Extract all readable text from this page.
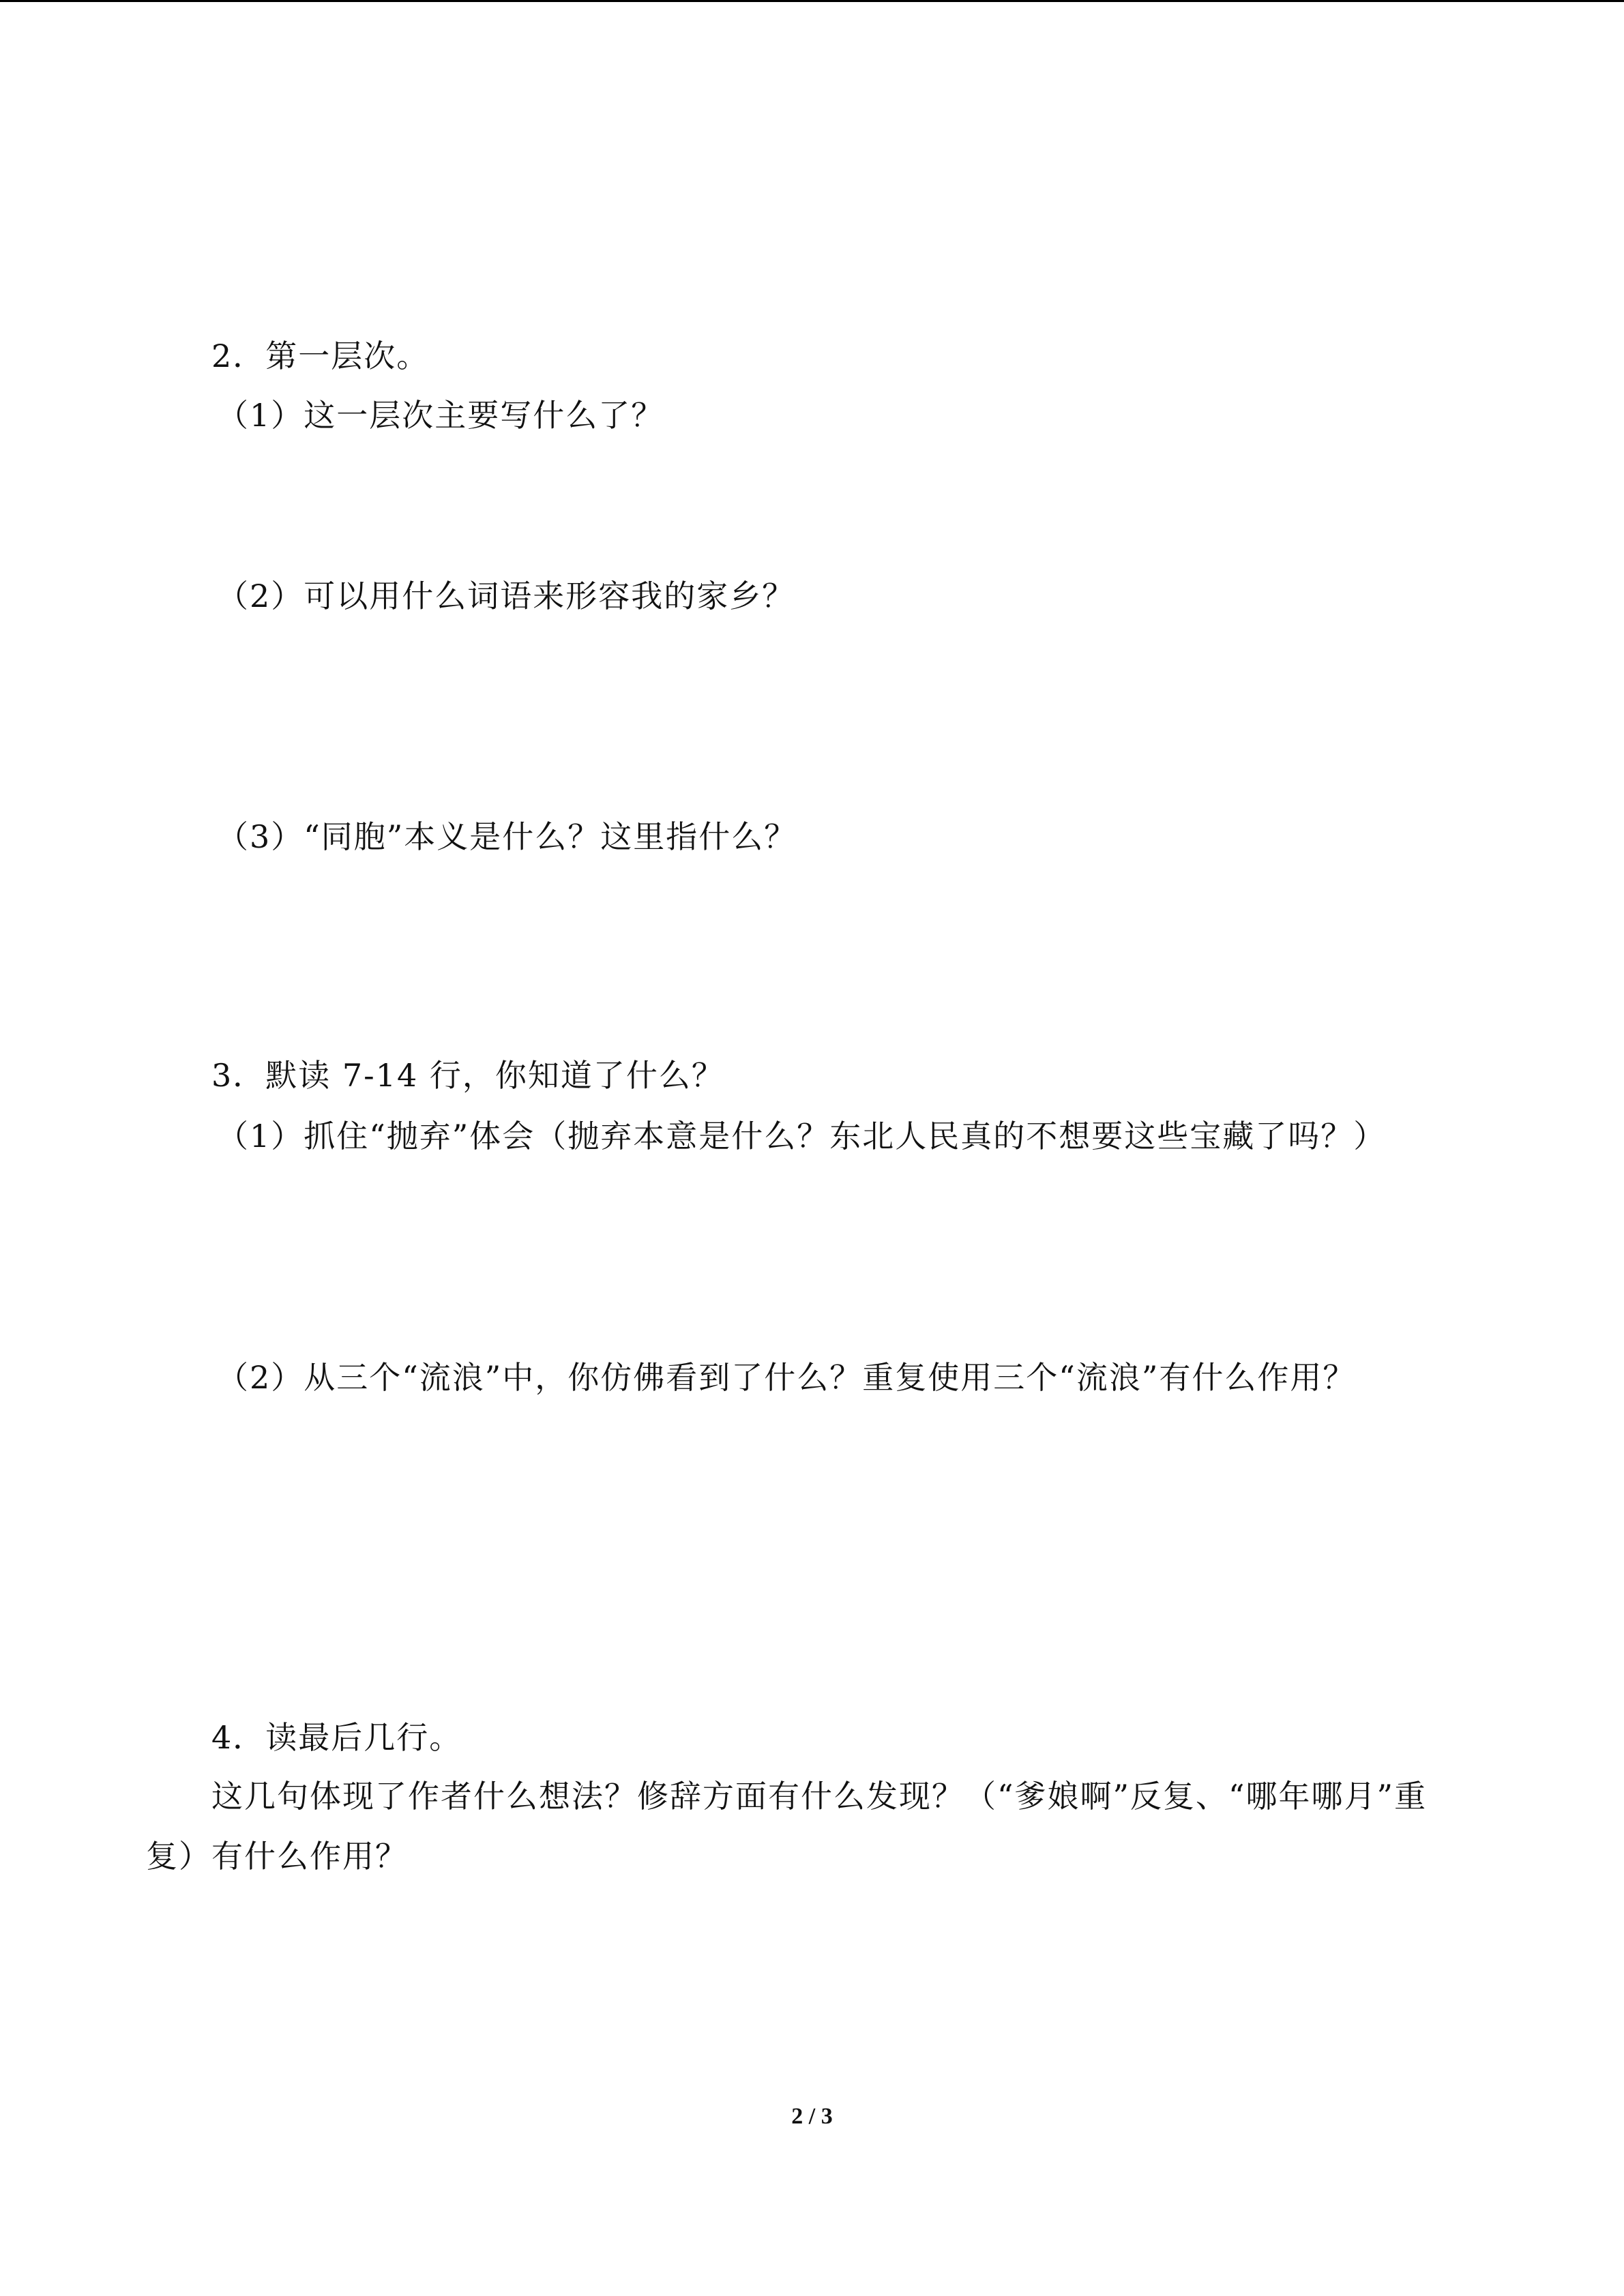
2．第一层次。
（1）这一层次主要写什么了？
（2）可以用什么词语来形容我的家乡？
（3）“同胞”本义是什么？这里指什么？
3．默读 7-14 行，你知道了什么？
（1）抓住“抛弃”体会（抛弃本意是什么？东北人民真的不想要这些宝藏了吗？）
（2）从三个“流浪”中，你仿佛看到了什么？重复使用三个“流浪”有什么作用？
4．读最后几行。
这几句体现了作者什么想法？修辞方面有什么发现？（“爹娘啊”反复、“哪年哪月”重
复）有什么作用？
2 / 3
